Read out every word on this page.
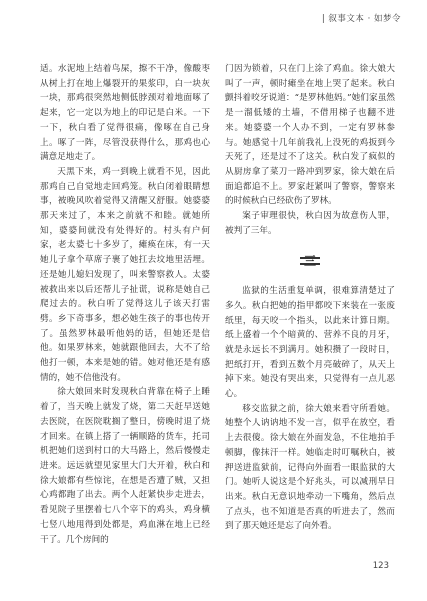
| 叙事文本 · 如梦令

适。水泥地上结着鸟屎，擦不干净，像酸枣从树上打在地上爆裂开的果浆印，白一块灰一块，那鸡很突然地侧低脖颈对着地面啄了起来，它一定以为地上的印记是白米。一下一下，秋白看了觉得很痛，像啄在自己身上。啄了一阵，尽管没获得什么，那鸡也心满意足地走了。

天黑下来，鸡一到晚上就看不见，因此那鸡自己自觉地走回鸡笼。秋白闭着眼睛想事，被晚风吹着觉得又清醒又舒服。她婆婆那天来过了，本来之前就不和睦。就她所知，婆婆间就没有处得好的。村头有户何家，老太婆七十多岁了，瘫痪在床，有一天她儿子拿个草席子裹了她扛去坟地里活埋。还是她儿媳妇发现了，叫来警察救人。太婆被救出来以后还帮儿子扯谎，说称是她自己爬过去的。秋白听了觉得这儿子该天打雷劈。乡下奇事多，想必她生孩子的事也传开了。虽然罗林最听他妈的话，但她还是信他。如果罗林来，她就跟他回去，大不了给他打一顿，本来是她的错。她对他还是有感情的，她不信他没有。

徐大娘回来时发现秋白背靠在椅子上睡着了，当天晚上就发了烧，第二天赶早送她去医院，在医院耽搁了整日，傍晚时退了烧才回来。在镇上搭了一辆顺路的货车，托司机把她们送到村口的大马路上，然后慢慢走进来。远远就望见家里大门大开着，秋白和徐大娘都有些惊诧，在想是否遭了贼，又担心鸡都跑了出去。两个人赶紧快步走进去，看见院子里摆着七八个宰下的鸡头，鸡身横七竖八地甩得到处都是，鸡血淋在地上已经干了。几个房间的

门因为锁着，只在门上涂了鸡血。徐大娘大叫了一声，顿时瘫坐在地上哭了起来。秋白颤抖着咬牙说道：“是罗林他妈。”她们家虽然是一溜低矮的土墙，不借用梯子也翻不进来。她婆婆一个人办不到，一定有罗林参与。她感觉十几年前我礼上没死的鸡扳到今天死了，还是过不了这关。秋白发了疯似的从厨房拿了菜刀一路冲到罗家，徐大娘在后面追都追不上。罗家赶紧叫了警察，警察来的时候秋白已经砍伤了罗林。

案子审理很快，秋白因为故意伤人罪，被判了三年。

三

监狱的生活重复单调，很难算清楚过了多久。秋白把她的指甲都咬下来装在一张废纸里，每天咬一个指头，以此来计算日期。纸上盛着一个个暗黄的、营养不良的月牙，就是永远长不到满月。她积攒了一段时日，把纸打开，看到五数个月亮破碎了，从天上掉下来。她没有哭出来，只觉得有一点儿恶心。

移交监狱之前，徐大娘来看守所看她。她整个人讷讷地不发一言，似乎在放空，看上去很傻。徐大娘在外面发急，不住地拍手顿脚，像抹汗一样。她临走时叮嘱秋白，被押送进监狱前，记得向外面看一眼监狱的大门。她听人说这是个好兆头，可以减刑早日出来。秋白无意识地牵动一下嘴角，然后点了点头，也不知道是否真的听进去了，然而到了那天她还是忘了向外看。

123
